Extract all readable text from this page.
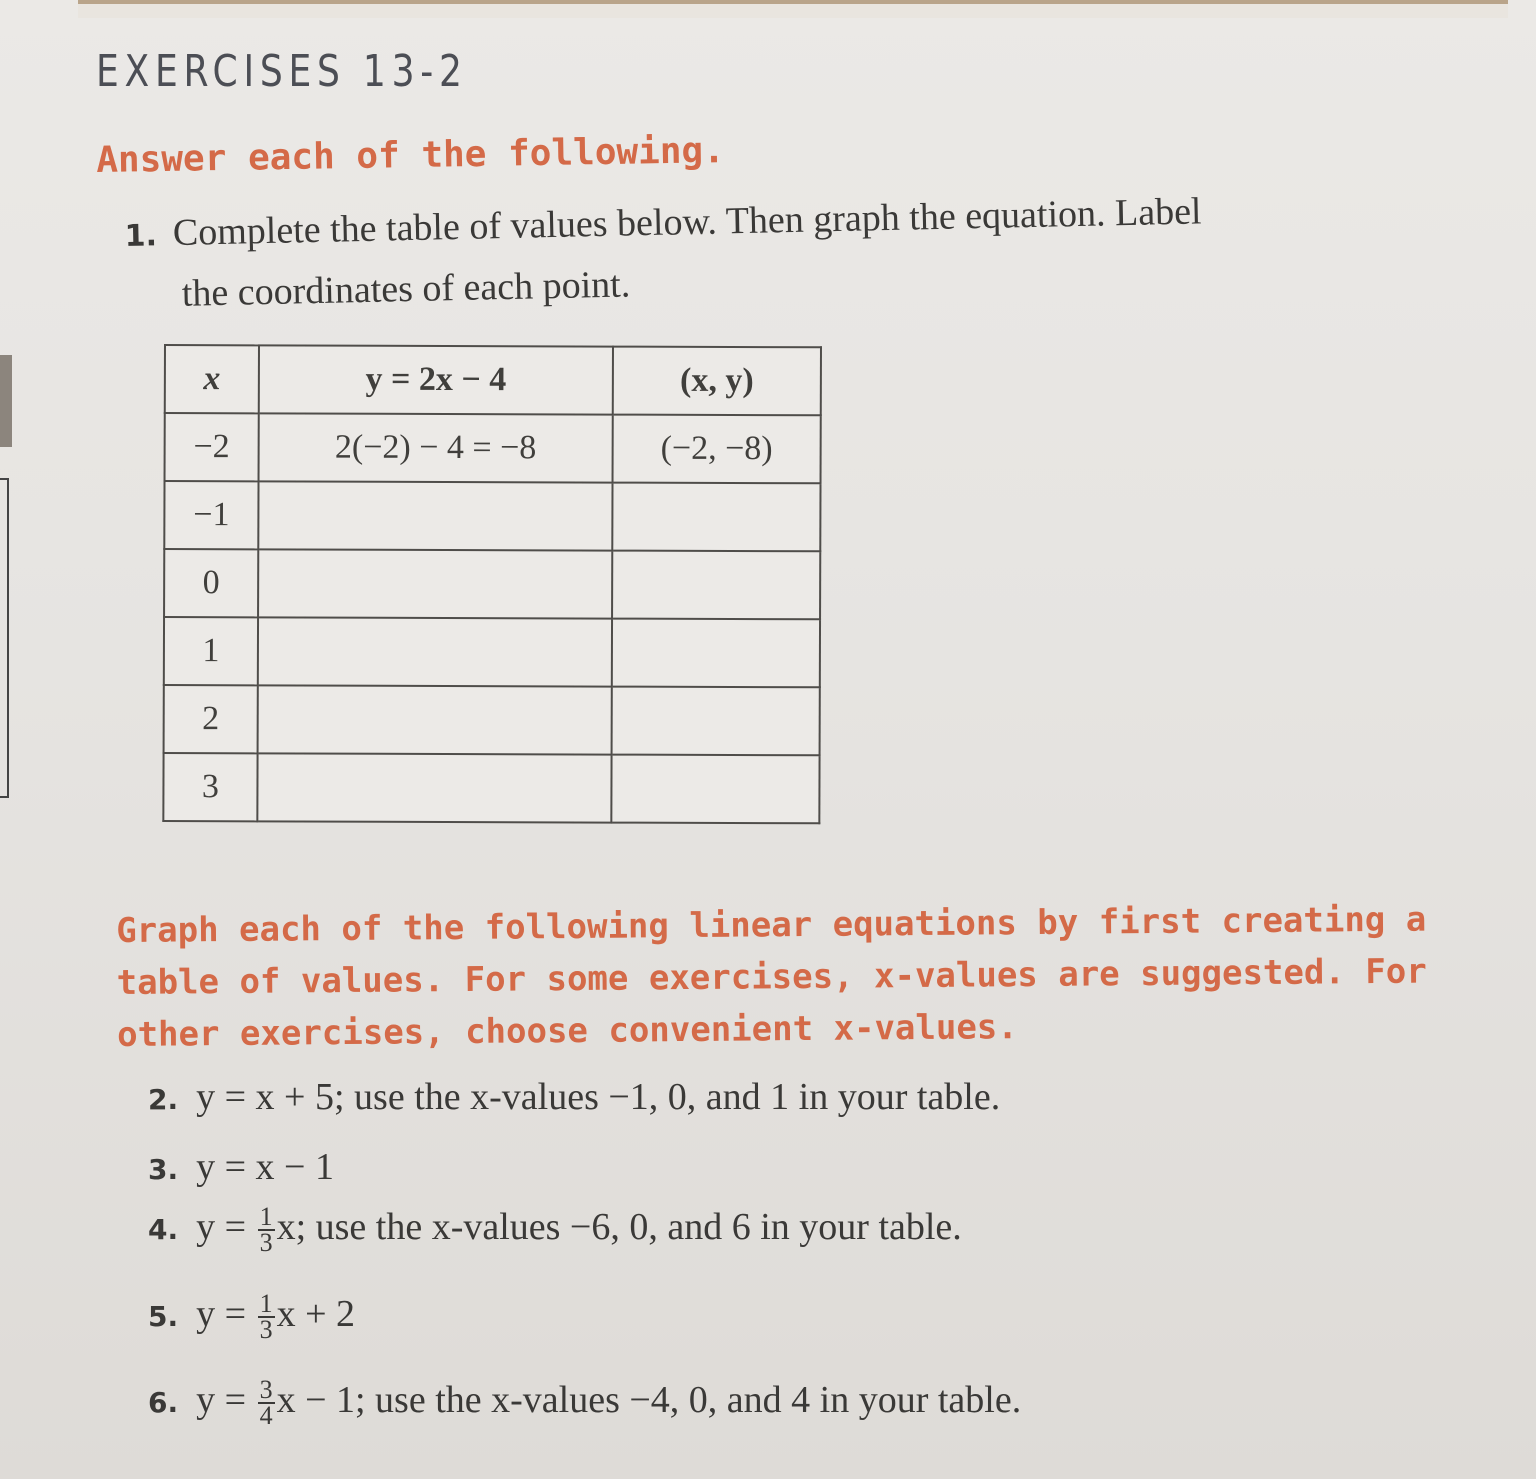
EXERCISES 13-2
Answer each of the following.
1. Complete the table of values below. Then graph the equation. Label
the coordinates of each point.
x	y = 2x − 4	(x, y)
−2	2(−2) − 4 = −8	(−2, −8)
−1		
0		
1		
2		
3		
Graph each of the following linear equations by first creating a table of values. For some exercises, x-values are suggested. For other exercises, choose convenient x-values.
2. y = x + 5; use the x-values −1, 0, and 1 in your table.
3. y = x − 1
4. $y = \frac{1}{3} x$; use the x-values −6, 0, and 6 in your table.
5. $y = \frac{1}{3}$ x + 2
6. $y = \frac{3}{4}$ x − 1; use the x-values −4, 0, and 4 in your table.
